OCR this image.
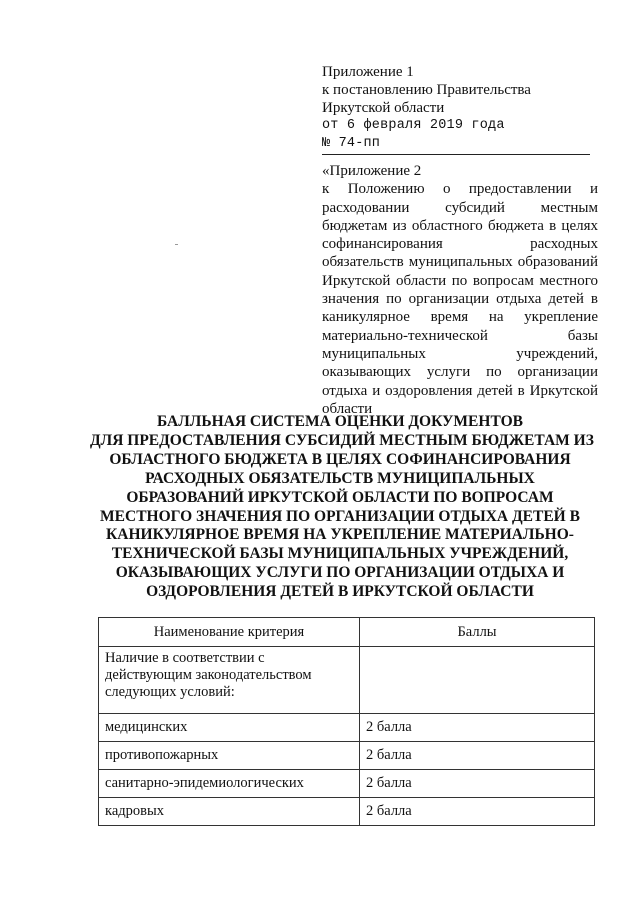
Приложение 1
к постановлению Правительства
Иркутской области
от 6 февраля 2019 года
№ 74-пп
«Приложение 2
к Положению о предоставлении и расходовании субсидий местным бюджетам из областного бюджета в целях софинансирования расходных обязательств муниципальных образований Иркутской области по вопросам местного значения по организации отдыха детей в каникулярное время на укрепление материально-технической базы муниципальных учреждений, оказывающих услуги по организации отдыха и оздоровления детей в Иркутской области
БАЛЛЬНАЯ СИСТЕМА ОЦЕНКИ ДОКУМЕНТОВ
ДЛЯ ПРЕДОСТАВЛЕНИЯ СУБСИДИЙ МЕСТНЫМ БЮДЖЕТАМ ИЗ
ОБЛАСТНОГО БЮДЖЕТА В ЦЕЛЯХ СОФИНАНСИРОВАНИЯ
РАСХОДНЫХ ОБЯЗАТЕЛЬСТВ МУНИЦИПАЛЬНЫХ
ОБРАЗОВАНИЙ ИРКУТСКОЙ ОБЛАСТИ ПО ВОПРОСАМ
МЕСТНОГО ЗНАЧЕНИЯ ПО ОРГАНИЗАЦИИ ОТДЫХА ДЕТЕЙ В
КАНИКУЛЯРНОЕ ВРЕМЯ НА УКРЕПЛЕНИЕ МАТЕРИАЛЬНО-
ТЕХНИЧЕСКОЙ БАЗЫ МУНИЦИПАЛЬНЫХ УЧРЕЖДЕНИЙ,
ОКАЗЫВАЮЩИХ УСЛУГИ ПО ОРГАНИЗАЦИИ ОТДЫХА И
ОЗДОРОВЛЕНИЯ ДЕТЕЙ В ИРКУТСКОЙ ОБЛАСТИ
Наименование критерия	Баллы
Наличие в соответствии с действующим законодательством следующих условий:	
медицинских	2 балла
противопожарных	2 балла
санитарно-эпидемиологических	2 балла
кадровых	2 балла
